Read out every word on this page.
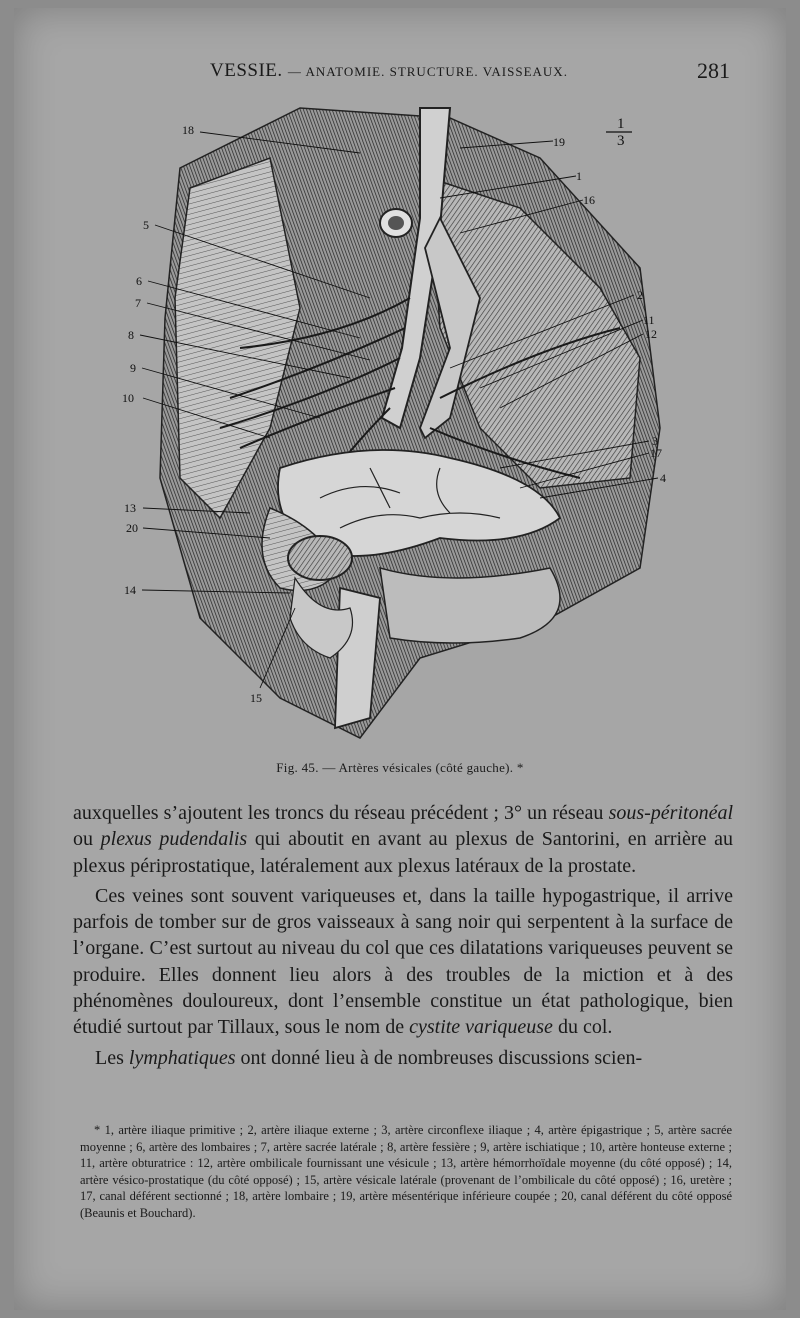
VESSIE. — ANATOMIE. STRUCTURE. VAISSEAUX.	281
1
3
18
19
1
16
5
6
7
8
2
11
12
9
10
3
17
4
13
20
14
15
Fig. 45. — Artères vésicales (côté gauche). *

auxquelles s’ajoutent les troncs du réseau précédent ; 3° un réseau sous-péritonéal ou plexus pudendalis qui aboutit en avant au plexus de Santorini, en arrière au plexus périprostatique, latéralement aux plexus latéraux de la prostate.

Ces veines sont souvent variqueuses et, dans la taille hypogastrique, il arrive parfois de tomber sur de gros vaisseaux à sang noir qui serpentent à la surface de l’organe. C’est surtout au niveau du col que ces dilatations variqueuses peuvent se produire. Elles donnent lieu alors à des troubles de la miction et à des phénomènes douloureux, dont l’ensemble constitue un état pathologique, bien étudié surtout par Tillaux, sous le nom de cystite variqueuse du col.

Les lymphatiques ont donné lieu à de nombreuses discussions scien-

* 1, artère iliaque primitive ; 2, artère iliaque externe ; 3, artère circonflexe iliaque ; 4, artère épigastrique ; 5, artère sacrée moyenne ; 6, artère des lombaires ; 7, artère sacrée latérale ; 8, artère fessière ; 9, artère ischiatique ; 10, artère honteuse externe ; 11, artère obturatrice : 12, artère ombilicale fournissant une vésicule ; 13, artère hémorrhoïdale moyenne (du côté opposé) ; 14, artère vésico-prostatique (du côté opposé) ; 15, artère vésicale latérale (provenant de l’ombilicale du côté opposé) ; 16, uretère ; 17, canal déférent sectionné ; 18, artère lombaire ; 19, artère mésentérique inférieure coupée ; 20, canal déférent du côté opposé (Beaunis et Bouchard).
